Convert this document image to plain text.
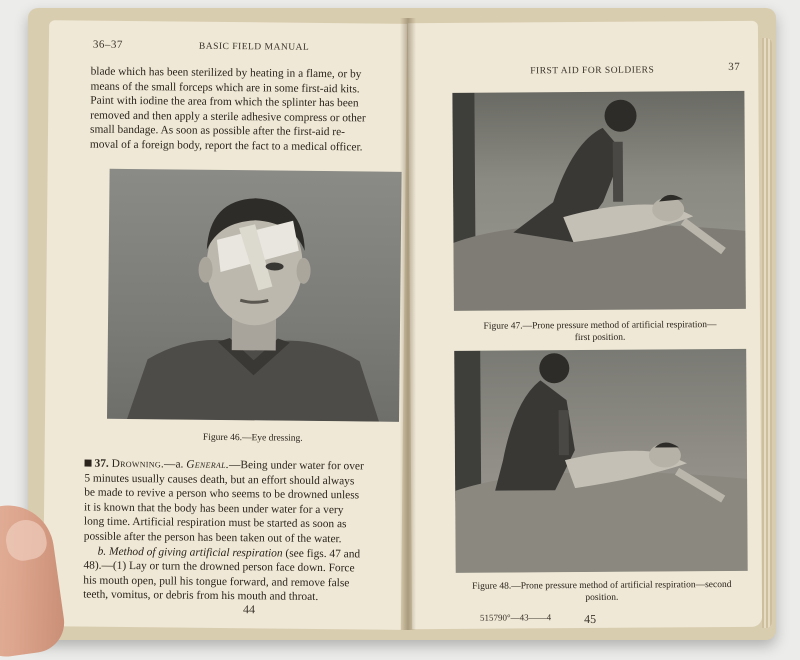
36–37	BASIC FIELD MANUAL

blade which has been sterilized by heating in a flame, or by

means of the small forceps which are in some first-aid kits.

Paint with iodine the area from which the splinter has been

removed and then apply a sterile adhesive compress or other

small bandage. As soon as possible after the first-aid re-

moval of a foreign body, report the fact to a medical officer.

Figure 46.—Eye dressing.

37. Drowning.—a. General.—Being under water for over

5 minutes usually causes death, but an effort should always

be made to revive a person who seems to be drowned unless

it is known that the body has been under water for a very

long time. Artificial respiration must be started as soon as

possible after the person has been taken out of the water.

b. Method of giving artificial respiration (see figs. 47 and

48).—(1) Lay or turn the drowned person face down. Force

his mouth open, pull his tongue forward, and remove false

teeth, vomitus, or debris from his mouth and throat.

44
FIRST AID FOR SOLDIERS	37
Figure 47.—Prone pressure method of artificial respiration—
first position.
Figure 48.—Prone pressure method of artificial respiration—second
position.
515790°—43——4	45
